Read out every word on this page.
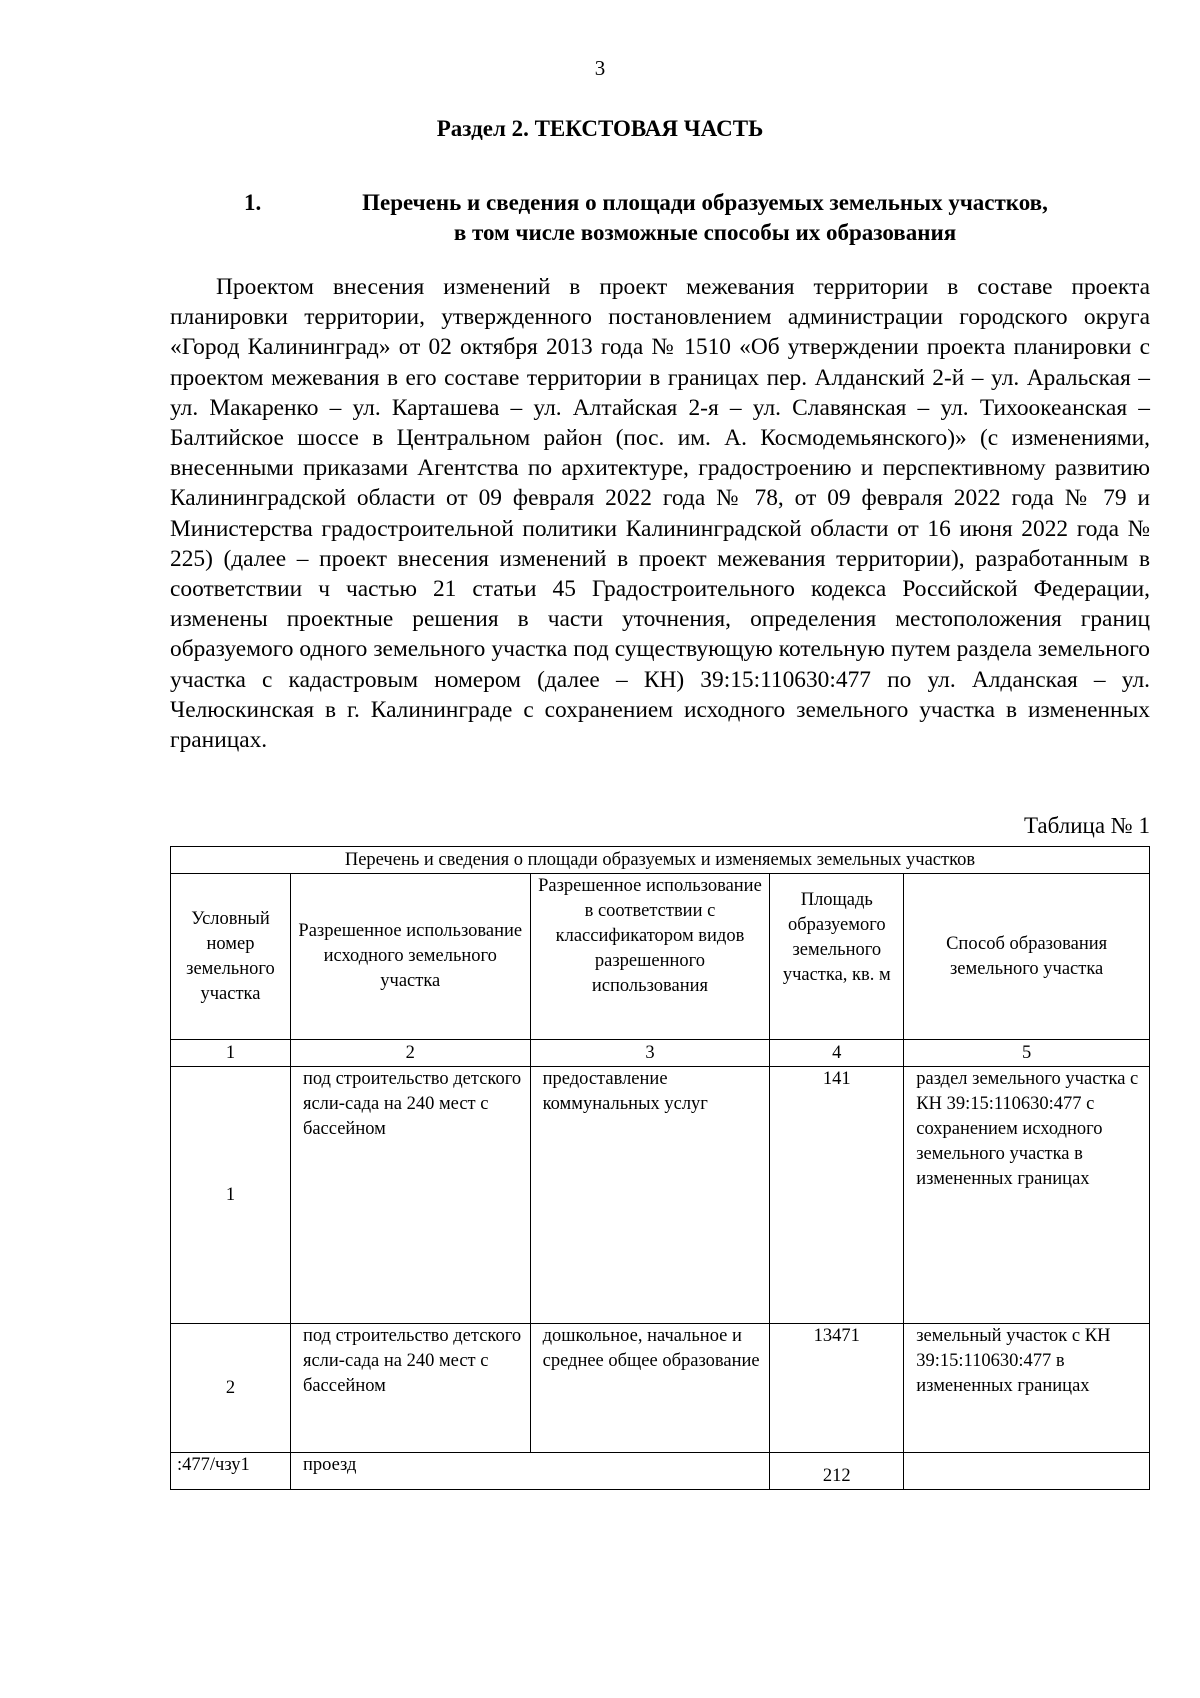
3
Раздел 2. ТЕКСТОВАЯ ЧАСТЬ
1.	Перечень и сведения о площади образуемых земельных участков,
в том числе возможные способы их образования

Проектом внесения изменений в проект межевания территории в составе проекта планировки территории, утвержденного постановлением администрации городского округа «Город Калининград» от 02 октября 2013 года № 1510 «Об утверждении проекта планировки с проектом межевания в его составе территории в границах пер. Алданский 2-й – ул. Аральская – ул. Макаренко – ул. Карташева – ул. Алтайская 2-я – ул. Славянская – ул. Тихоокеанская – Балтийское шоссе в Центральном район (пос. им. А. Космодемьянского)» (с изменениями, внесенными приказами Агентства по архитектуре, градостроению и перспективному развитию Калининградской области от 09 февраля 2022 года № 78, от 09 февраля 2022 года № 79 и Министерства градостроительной политики Калининградской области от 16 июня 2022 года № 225) (далее – проект внесения изменений в проект межевания территории), разработанным в соответствии ч частью 21 статьи 45 Градостроительного кодекса Российской Федерации, изменены проектные решения в части уточнения, определения местоположения границ образуемого одного земельного участка под существующую котельную путем раздела земельного участка с кадастровым номером (далее – КН) 39:15:110630:477 по ул. Алданская – ул. Челюскинская в г. Калининграде с сохранением исходного земельного участка в измененных границах.

Таблица № 1

Перечень и сведения о площади образуемых и изменяемых земельных участков				
Условный номер земельного участка	Разрешенное использование исходного земельного участка	Разрешенное использование в соответствии с классификатором видов разрешенного использования	Площадь образуемого земельного участка, кв. м	Способ образования земельного участка
1	2	3	4	5
1	под строительство детского ясли-сада на 240 мест с бассейном	предоставление коммунальных услуг	141	раздел земельного участка с КН 39:15:110630:477 с сохранением исходного земельного участка в измененных границах
2	под строительство детского ясли-сада на 240 мест с бассейном	дошкольное, начальное и среднее общее образование	13471	земельный участок с КН 39:15:110630:477 в измененных границах
:477/чзу1	проезд		212	
